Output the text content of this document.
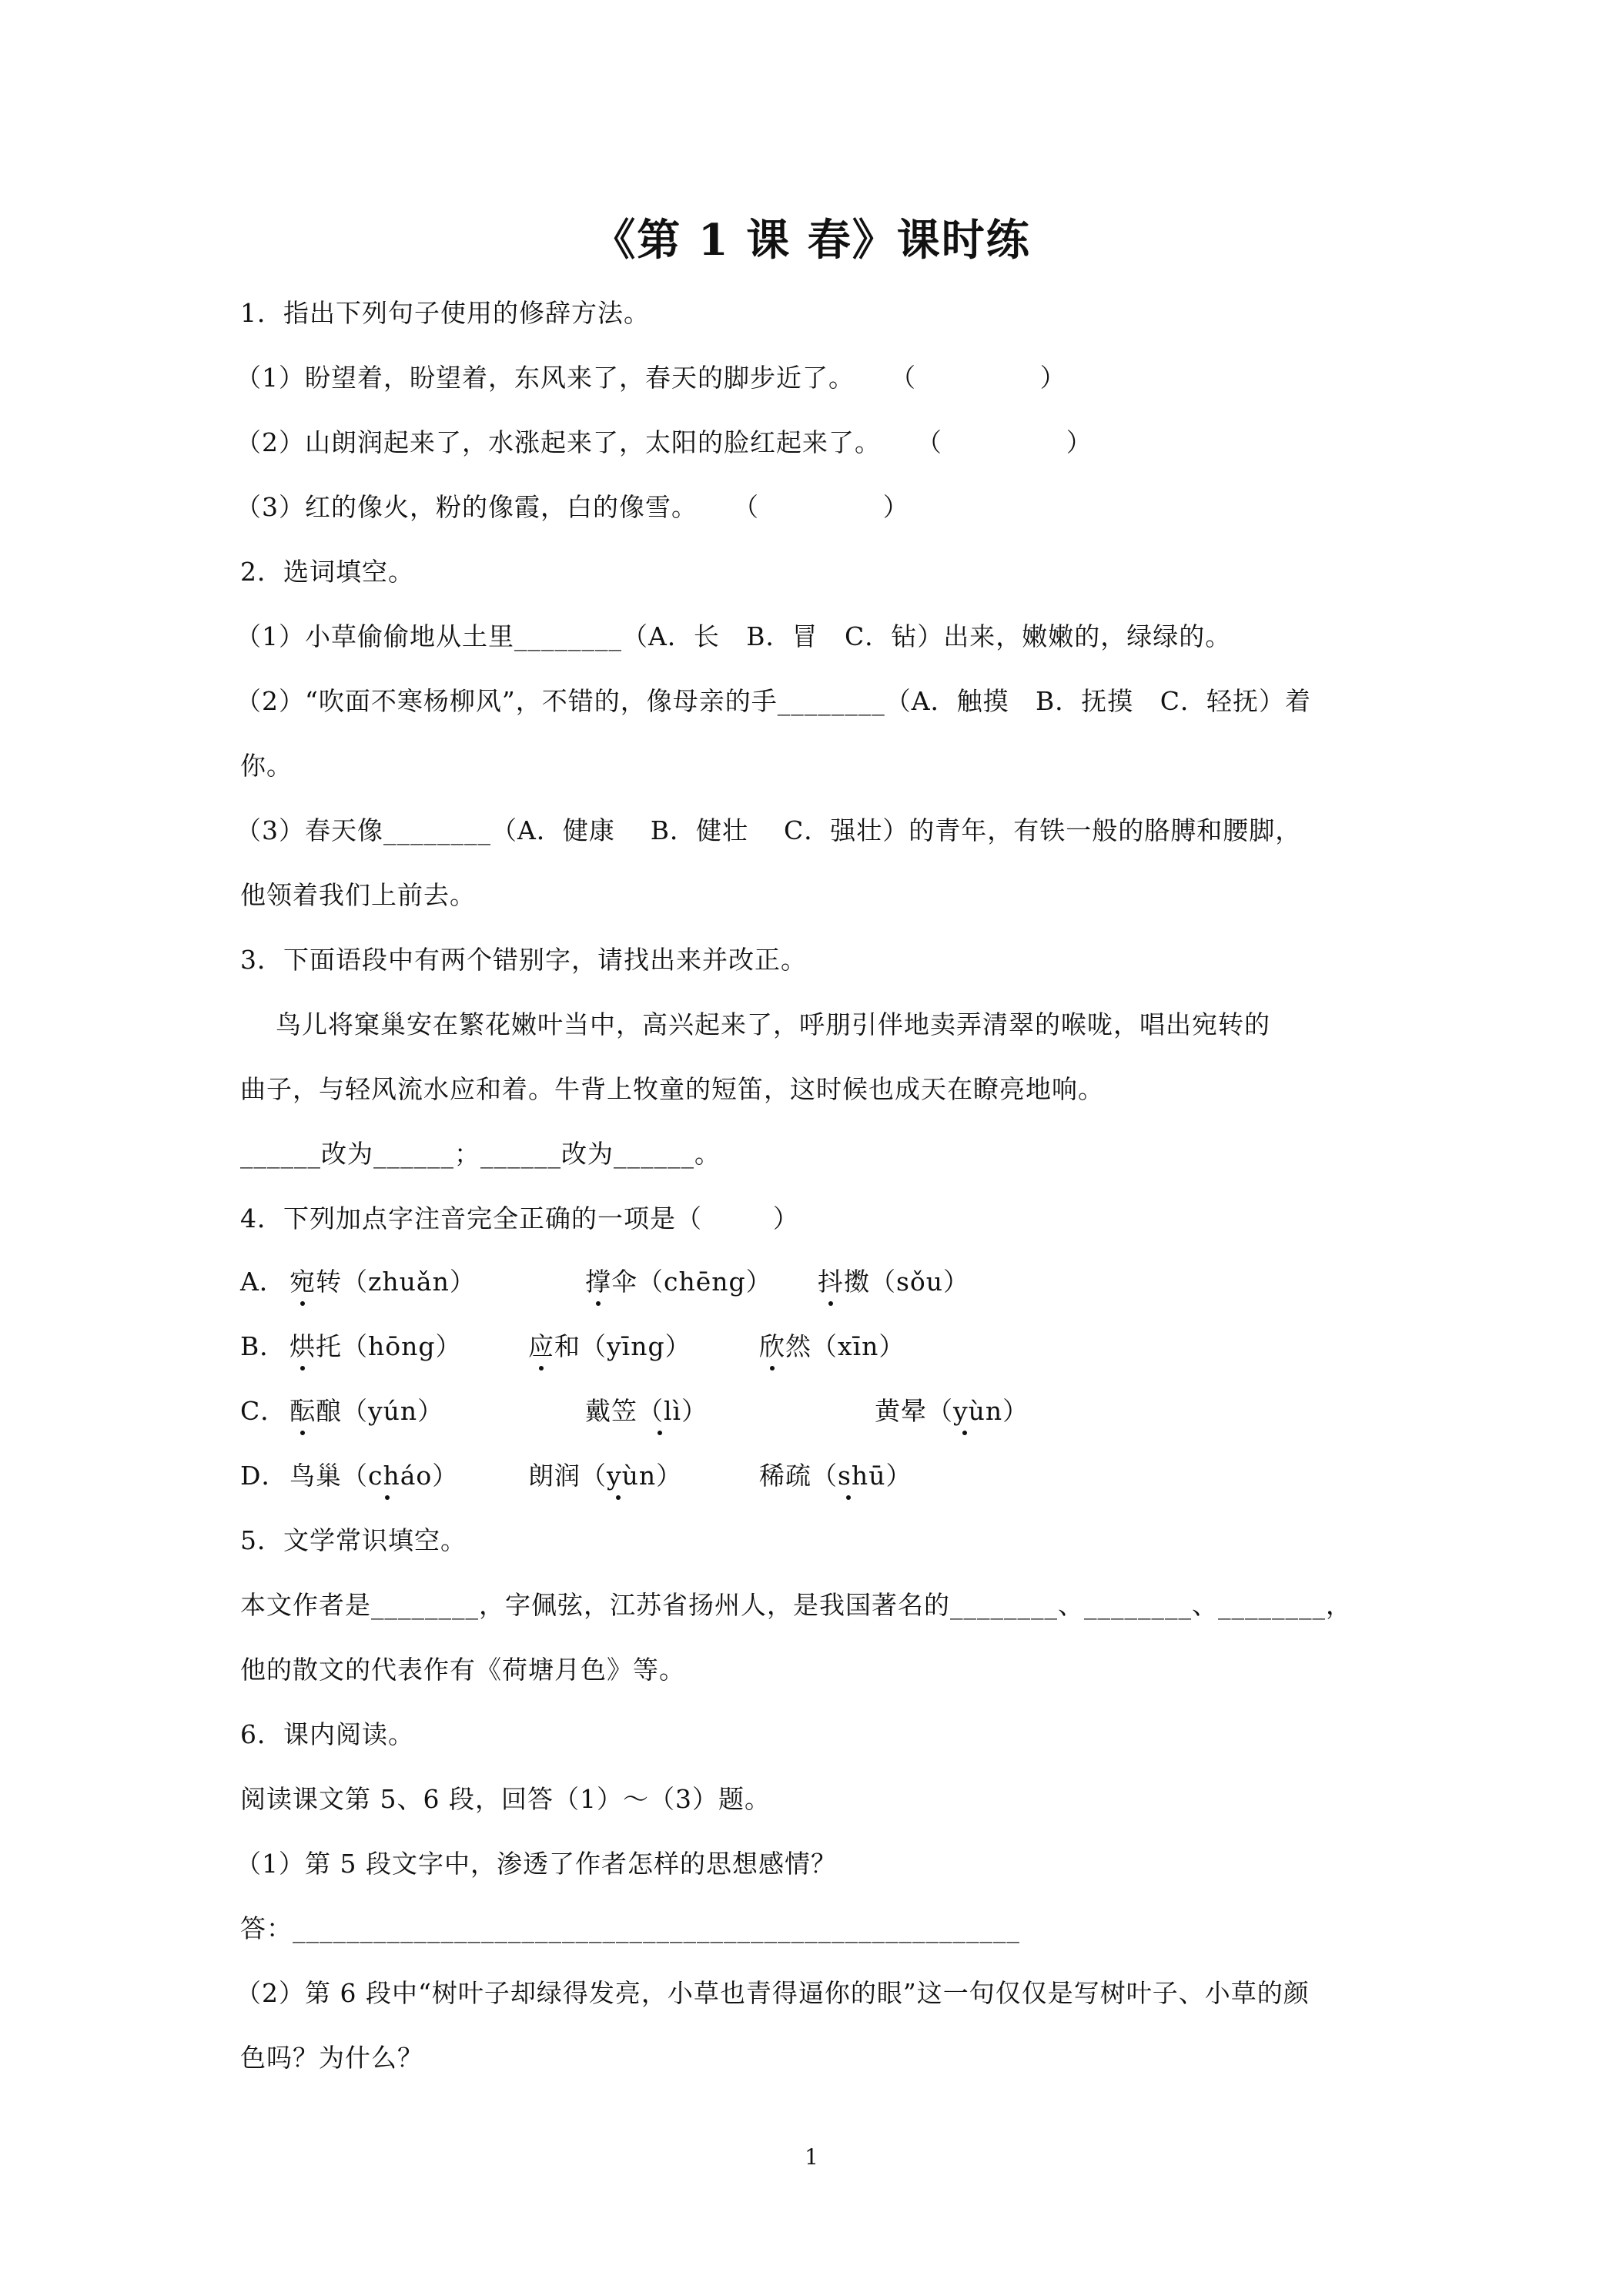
《第 1 课 春》课时练
1．指出下列句子使用的修辞方法。
（1）盼望着，盼望着，东风来了，春天的脚步近了。    （              ）
（2）山朗润起来了，水涨起来了，太阳的脸红起来了。    （              ）
（3）红的像火，粉的像霞，白的像雪。    （              ）
2．选词填空。
（1）小草偷偷地从土里________（A．长   B．冒   C．钻）出来，嫩嫩的，绿绿的。
（2）“吹面不寒杨柳风”，不错的，像母亲的手________（A．触摸   B．抚摸   C．轻抚）着
你。
（3）春天像________（A．健康    B．健壮    C．强壮）的青年，有铁一般的胳膊和腰脚，
他领着我们上前去。
3．下面语段中有两个错别字，请找出来并改正。
鸟儿将窠巢安在繁花嫩叶当中，高兴起来了，呼朋引伴地卖弄清翠的喉咙，唱出宛转的
曲子，与轻风流水应和着。牛背上牧童的短笛，这时候也成天在瞭亮地响。
______改为______；______改为______。
4．下列加点字注音完全正确的一项是（        ）
A． 宛转（zhuǎn）	撑伞（chēng） 抖擞（sǒu）
B． 烘托（hōng）	应和（yīng）	欣然（xīn）
C． 酝酿（yún）	戴笠（lì）	黄晕（yùn）
D． 鸟巢（cháo）	朗润（yùn）	稀疏（shū）
5．文学常识填空。
本文作者是________，字佩弦，江苏省扬州人，是我国著名的________、________、________，
他的散文的代表作有《荷塘月色》等。
6．课内阅读。
阅读课文第 5、6 段，回答（1）～（3）题。
（1）第 5 段文字中，渗透了作者怎样的思想感情？
答：______________________________________________________
（2）第 6 段中“树叶子却绿得发亮，小草也青得逼你的眼”这一句仅仅是写树叶子、小草的颜
色吗？为什么？
1
